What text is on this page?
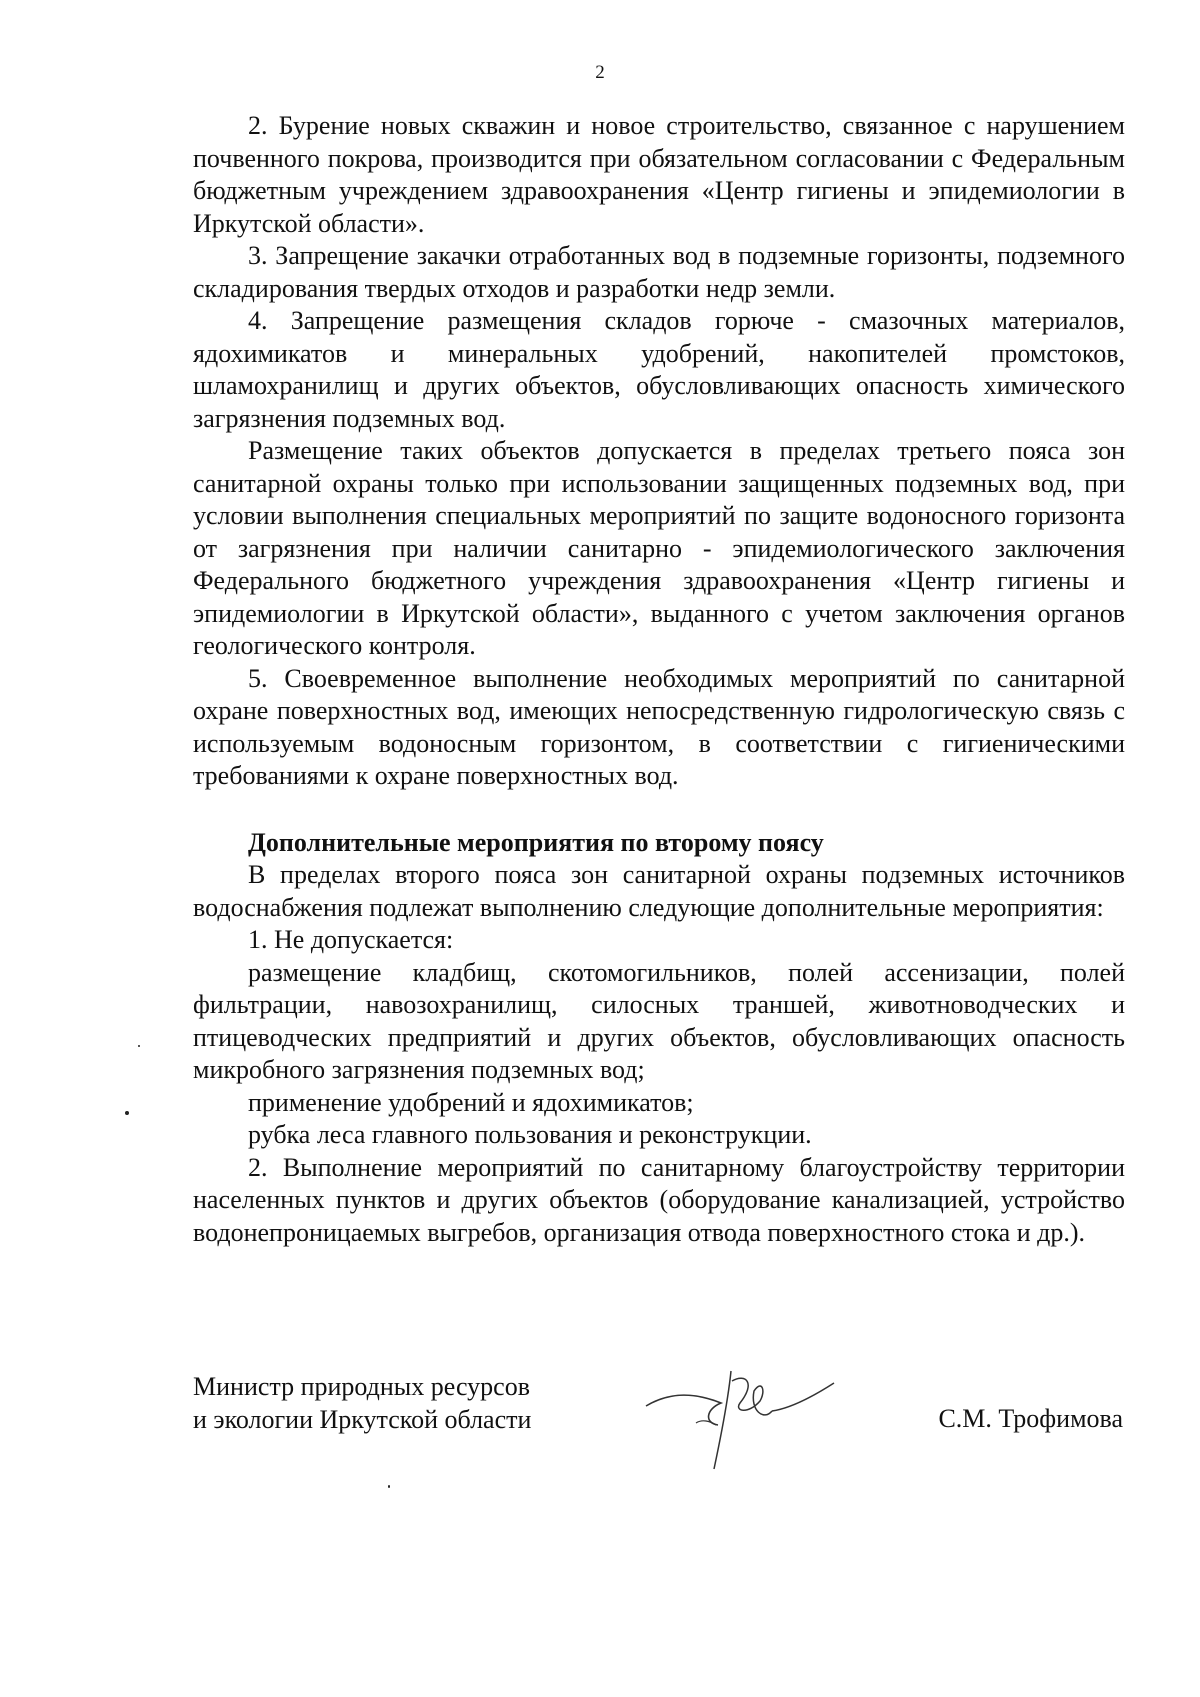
2

2. Бурение новых скважин и новое строительство, связанное с нарушением почвенного покрова, производится при обязательном согласовании с Федеральным бюджетным учреждением здравоохранения «Центр гигиены и эпидемиологии в Иркутской области».

3. Запрещение закачки отработанных вод в подземные горизонты, подземного складирования твердых отходов и разработки недр земли.

4. Запрещение размещения складов горюче - смазочных материалов, ядохимикатов и минеральных удобрений, накопителей промстоков, шламохранилищ и других объектов, обусловливающих опасность химического загрязнения подземных вод.

Размещение таких объектов допускается в пределах третьего пояса зон санитарной охраны только при использовании защищенных подземных вод, при условии выполнения специальных мероприятий по защите водоносного горизонта от загрязнения при наличии санитарно - эпидемиологического заключения Федерального бюджетного учреждения здравоохранения «Центр гигиены и эпидемиологии в Иркутской области», выданного с учетом заключения органов геологического контроля.

5. Своевременное выполнение необходимых мероприятий по санитарной охране поверхностных вод, имеющих непосредственную гидрологическую связь с используемым водоносным горизонтом, в соответствии с гигиеническими требованиями к охране поверхностных вод.

Дополнительные мероприятия по второму поясу

В пределах второго пояса зон санитарной охраны подземных источников водоснабжения подлежат выполнению следующие дополнительные мероприятия:

1. Не допускается:

размещение кладбищ, скотомогильников, полей ассенизации, полей фильтрации, навозохранилищ, силосных траншей, животноводческих и птицеводческих предприятий и других объектов, обусловливающих опасность микробного загрязнения подземных вод;

применение удобрений и ядохимикатов;

рубка леса главного пользования и реконструкции.

2. Выполнение мероприятий по санитарному благоустройству территории населенных пунктов и других объектов (оборудование канализацией, устройство водонепроницаемых выгребов, организация отвода поверхностного стока и др.).

Министр природных ресурсов
и экологии Иркутской области	С.М. Трофимова
